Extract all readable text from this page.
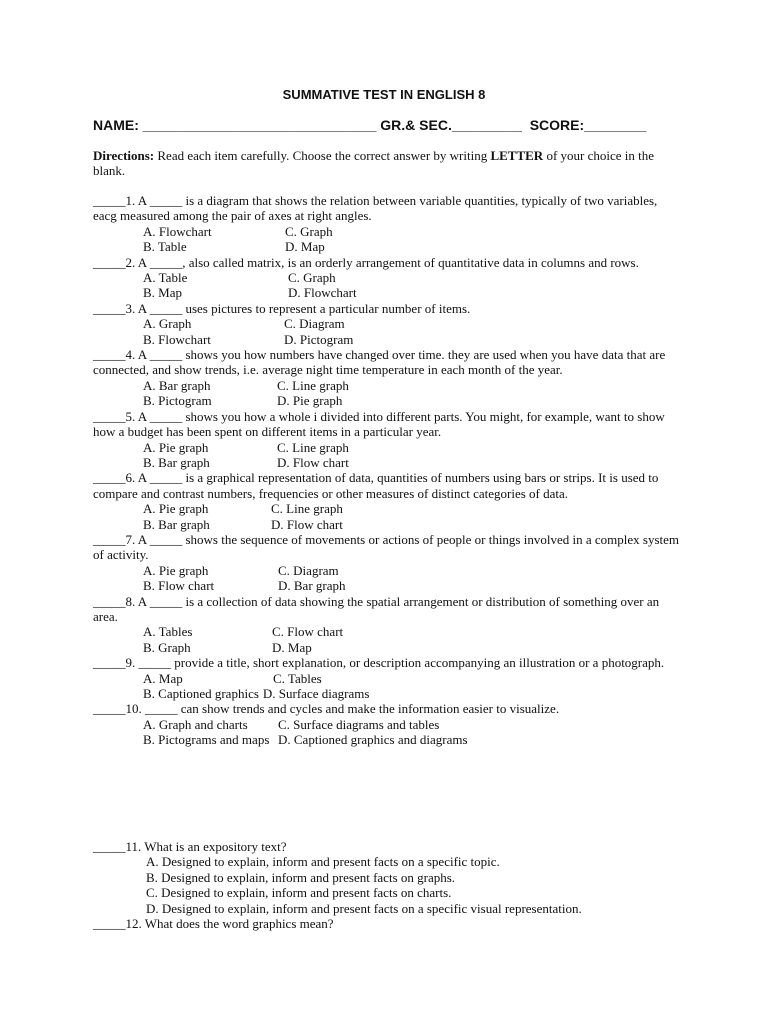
SUMMATIVE TEST IN ENGLISH 8

NAME: ______________________________ GR.& SEC._________ SCORE:________

Directions: Read each item carefully. Choose the correct answer by writing LETTER of your choice in the blank.

_____1. A _____ is a diagram that shows the relation between variable quantities, typically of two variables, eacg measured among the pair of axes at right angles.

A. Flowchart	C. Graph
B. Table	D. Map

_____2. A _____, also called matrix, is an orderly arrangement of quantitative data in columns and rows.

A. Table	C. Graph
B. Map	D. Flowchart

_____3. A _____ uses pictures to represent a particular number of items.

A. Graph	C. Diagram
B. Flowchart	D. Pictogram

_____4. A _____ shows you how numbers have changed over time. they are used when you have data that are connected, and show trends, i.e. average night time temperature in each month of the year.

A. Bar graph	C. Line graph
B. Pictogram	D. Pie graph

_____5. A _____ shows you how a whole i divided into different parts. You might, for example, want to show how a budget has been spent on different items in a particular year.

A. Pie graph	C. Line graph
B. Bar graph	D. Flow chart

_____6. A _____ is a graphical representation of data, quantities of numbers using bars or strips. It is used to compare and contrast numbers, frequencies or other measures of distinct categories of data.

A. Pie graph	C. Line graph
B. Bar graph	D. Flow chart

_____7. A _____ shows the sequence of movements or actions of people or things involved in a complex system of activity.

A. Pie graph	C. Diagram
B. Flow chart	D. Bar graph

_____8. A _____ is a collection of data showing the spatial arrangement or distribution of something over an area.

A. Tables	C. Flow chart
B. Graph	D. Map

_____9. _____ provide a title, short explanation, or description accompanying an illustration or a photograph.

A. Map	C. Tables
B. Captioned graphics D. Surface diagrams

_____10. _____ can show trends and cycles and make the information easier to visualize.

A. Graph and charts	C. Surface diagrams and tables
B. Pictograms and maps D. Captioned graphics and diagrams

_____11. What is an expository text?

A. Designed to explain, inform and present facts on a specific topic.
B. Designed to explain, inform and present facts on graphs.
C. Designed to explain, inform and present facts on charts.
D. Designed to explain, inform and present facts on a specific visual representation.

_____12. What does the word graphics mean?
